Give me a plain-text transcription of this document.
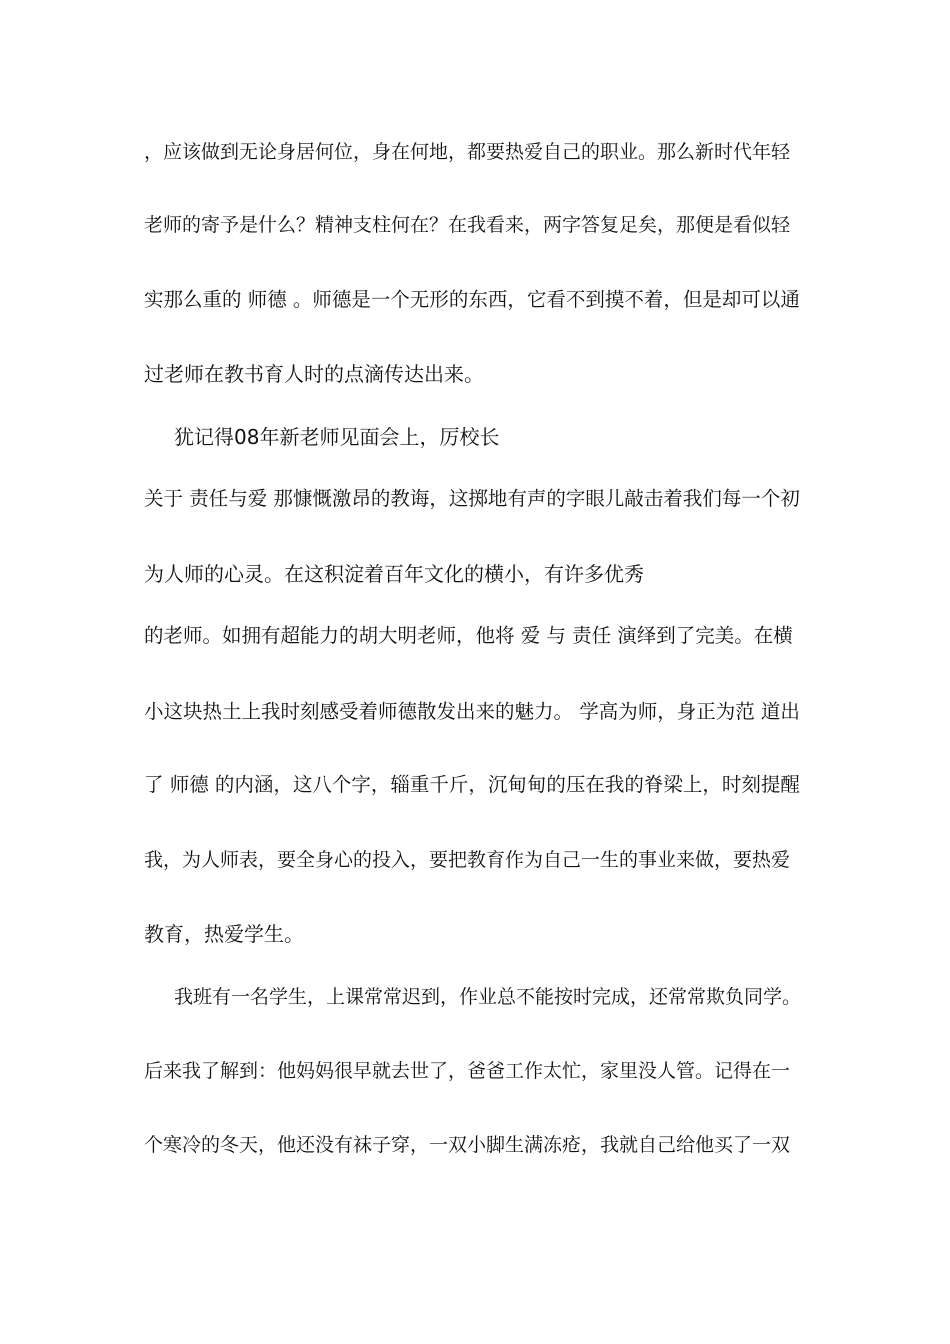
，应该做到无论身居何位，身在何地，都要热爱自己的职业。那么新时代年轻
老师的寄予是什么？精神支柱何在？在我看来，两字答复足矣，那便是看似轻
实那么重的 师德 。师德是一个无形的东西，它看不到摸不着，但是却可以通
过老师在教书育人时的点滴传达出来。
犹记得08年新老师见面会上，厉校长
关于 责任与爱 那慷慨激昂的教诲，这掷地有声的字眼儿敲击着我们每一个初
为人师的心灵。在这积淀着百年文化的横小，有许多优秀
的老师。如拥有超能力的胡大明老师，他将 爱 与 责任 演绎到了完美。在横
小这块热土上我时刻感受着师德散发出来的魅力。 学高为师，身正为范 道出
了 师德 的内涵，这八个字，辎重千斤，沉甸甸的压在我的脊梁上，时刻提醒
我，为人师表，要全身心的投入，要把教育作为自己一生的事业来做，要热爱
教育，热爱学生。
我班有一名学生，上课常常迟到，作业总不能按时完成，还常常欺负同学。
后来我了解到：他妈妈很早就去世了，爸爸工作太忙，家里没人管。记得在一
个寒冷的冬天，他还没有袜子穿，一双小脚生满冻疮，我就自己给他买了一双
